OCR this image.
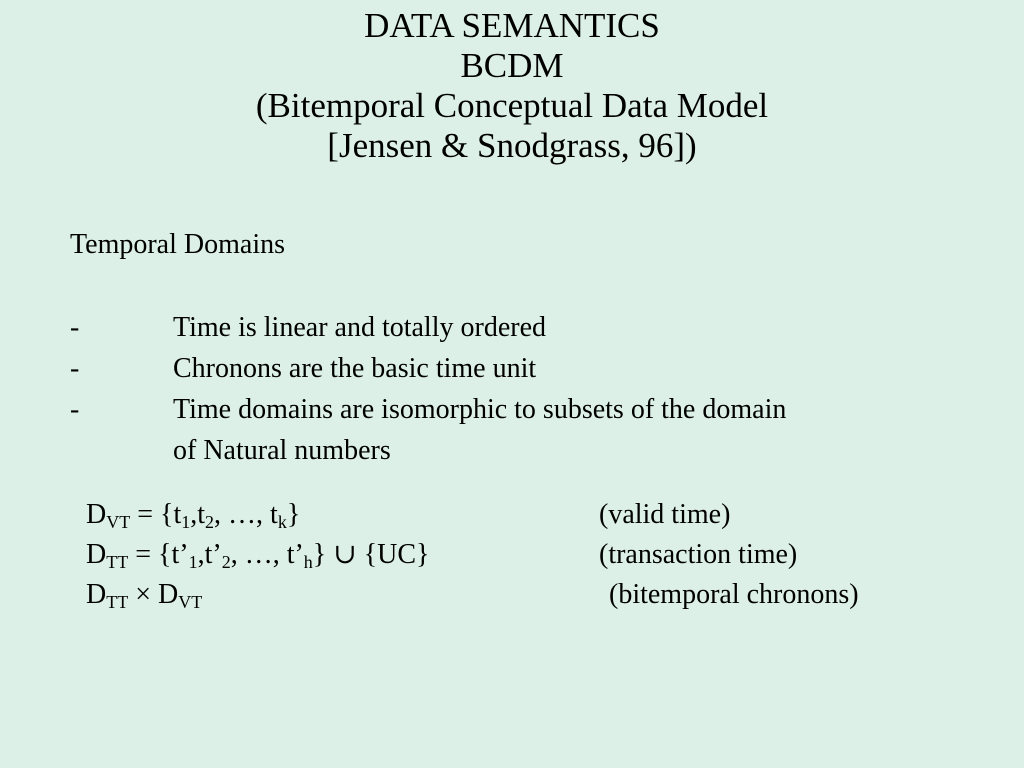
DATA SEMANTICS
BCDM
(Bitemporal Conceptual Data Model
[Jensen & Snodgrass, 96])
Temporal Domains
-	Time is linear and totally ordered
-	Chronons are the basic time unit
-	Time domains are isomorphic to subsets of the domain
of Natural numbers
$D_{VT} = \{t_1,t_2$, …, $t_k$}	(valid time)
$D_{TT}$ = {$t’_1,t’_2$, …, $t’_h$} ∪ {UC}	(transaction time)
$D_{TT} \times D_{VT}$	(bitemporal chronons)
